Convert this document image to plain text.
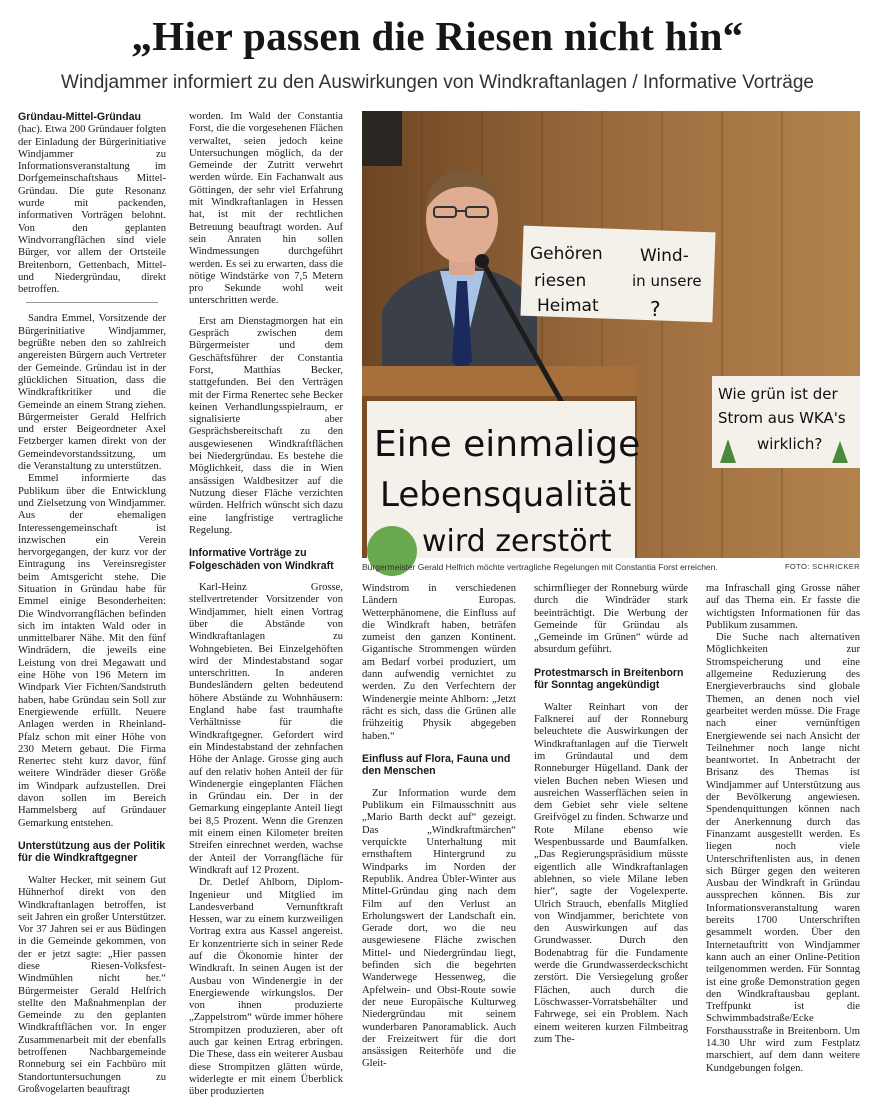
„Hier passen die Riesen nicht hin“
Windjammer informiert zu den Auswirkungen von Windkraftanlagen / Informative Vorträge

Gründau-Mittel-Gründau (hac). Etwa 200 Gründauer folgten der Einladung der Bürgerinitiative Windjammer zu Informationsveranstaltung im Dorfgemeinschaftshaus Mittel-Gründau. Die gute Resonanz wurde mit packenden, informativen Vorträgen belohnt. Von den geplanten Windvorrangflächen sind viele Bürger, vor allem der Ortsteile Breitenborn, Gettenbach, Mittel- und Niedergründau, direkt betroffen.

Sandra Emmel, Vorsitzende der Bürgerinitiative Windjammer, begrüßte neben den so zahlreich angereisten Bürgern auch Vertreter der Gemeinde. Gründau ist in der glücklichen Situation, dass die Windkraftkritiker und die Gemeinde an einem Strang ziehen. Bürgermeister Gerald Helfrich und erster Beigeordneter Axel Fetzberger kamen direkt von der Gemeindevorstandssitzung, um die Veranstaltung zu unterstützen.

Emmel informierte das Publikum über die Entwicklung und Zielsetzung von Windjammer. Aus der ehemaligen Interessengemeinschaft ist inzwischen ein Verein hervorgegangen, der kurz vor der Eintragung ins Vereinsregister beim Amtsgericht stehe. Die Situation in Gründau habe für Emmel einige Besonderheiten: Die Windvorrangflächen befinden sich im intakten Wald oder in unmittelbarer Nähe. Mit den fünf Windrädern, die jeweils eine Leistung von drei Megawatt und eine Höhe von 196 Metern im Windpark Vier Fichten/Sandstruth haben, habe Gründau sein Soll zur Energiewende erfüllt. Neuere Anlagen werden in Rheinland-Pfalz schon mit einer Höhe von 230 Metern gebaut. Die Firma Renertec steht kurz davor, fünf weitere Windräder dieser Größe im Windpark aufzustellen. Drei davon sollen im Bereich Hammelsberg auf Gründauer Gemarkung entstehen.

Unterstützung aus der Politik für die Windkraftgegner

Walter Hecker, mit seinem Gut Hühnerhof direkt von den Windkraftanlagen betroffen, ist seit Jahren ein großer Unterstützer. Vor 37 Jahren sei er aus Büdingen in die Gemeinde gekommen, von der er jetzt sagte: „Hier passen diese Riesen-Volksfest-Windmühlen nicht her.“ Bürgermeister Gerald Helfrich stellte den Maßnahmenplan der Gemeinde zu den geplanten Windkraftflächen vor. In enger Zusammenarbeit mit der ebenfalls betroffenen Nachbargemeinde Ronneburg sei ein Fachbüro mit Standortuntersuchungen zu Großvogelarten beauftragt

worden. Im Wald der Constantia Forst, die die vorgesehenen Flächen verwaltet, seien jedoch keine Untersuchungen möglich, da der Gemeinde der Zutritt verwehrt werden würde. Ein Fachanwalt aus Göttingen, der sehr viel Erfahrung mit Windkraftanlagen in Hessen hat, ist mit der rechtlichen Betreuung beauftragt worden. Auf sein Anraten hin sollen Windmessungen durchgeführt werden. Es sei zu erwarten, dass die nötige Windstärke von 7,5 Metern pro Sekunde wohl weit unterschritten werde.

Erst am Dienstagmorgen hat ein Gespräch zwischen dem Bürgermeister und dem Geschäftsführer der Constantia Forst, Matthias Becker, stattgefunden. Bei den Verträgen mit der Firma Renertec sehe Becker keinen Verhandlungsspielraum, er signalisierte aber Gesprächsbereitschaft zu den ausgewiesenen Windkraftflächen bei Niedergründau. Es bestehe die Möglichkeit, dass die in Wien ansässigen Waldbesitzer auf die Nutzung dieser Fläche verzichten würden. Helfrich wünscht sich dazu eine langfristige vertragliche Regelung.

Informative Vorträge zu Folgeschäden von Windkraft

Karl-Heinz Grosse, stellvertretender Vorsitzender von Windjammer, hielt einen Vortrag über die Abstände von Windkraftanlagen zu Wohngebieten. Bei Einzelgehöften wird der Mindestabstand sogar unterschritten. In anderen Bundesländern gelten bedeutend höhere Abstände zu Wohnhäusern: England habe fast traumhafte Verhältnisse für die Windkraftgegner. Gefordert wird ein Mindestabstand der zehnfachen Höhe der Anlage. Grosse ging auch auf den relativ hohen Anteil der für Windenergie eingeplanten Flächen in Gründau ein. Der in der Gemarkung eingeplante Anteil liegt bei 8,5 Prozent. Wenn die Grenzen mit einem einen Kilometer breiten Streifen einrechnet werden, wachse der Anteil der Vorrangfläche für Windkraft auf 12 Prozent.

Dr. Detlef Ahlborn, Diplom-Ingenieur und Mitglied im Landesverband Vernunftkraft Hessen, war zu einem kurzweiligen Vortrag extra aus Kassel angereist. Er konzentrierte sich in seiner Rede auf die Ökonomie hinter der Windkraft. In seinen Augen ist der Ausbau von Windenergie in der Energiewende wirkungslos. Der von ihnen produzierte „Zappelstrom“ würde immer höhere Strompitzen produzieren, aber oft auch gar keinen Ertrag erbringen. Die These, dass ein weiterer Ausbau diese Strompitzen glätten würde, widerlegte er mit einem Überblick über produzierten

Eine einmalige
Lebensqualität
wird zerstört
Gehören Wind-
riesen	in unsere
Heimat	?
Wie grün ist der
Strom aus WKA's
wirklich?
Bürgermeister Gerald Helfrich möchte vertragliche Regelungen mit Constantia Forst erreichen.	FOTO: SCHRICKER

Windstrom in verschiedenen Ländern Europas. Wetterphänomene, die Einfluss auf die Windkraft haben, beträfen zumeist den ganzen Kontinent. Gigantische Strommengen würden am Bedarf vorbei produziert, um dann aufwendig vernichtet zu werden. Zu den Verfechtern der Windenergie meinte Ahlborn: „Jetzt rächt es sich, dass die Grünen alle frühzeitig Physik abgegeben haben.“

Einfluss auf Flora, Fauna und den Menschen

Zur Information wurde dem Publikum ein Filmausschnitt aus „Mario Barth deckt auf“ gezeigt. Das „Windkraftmärchen“ verquickte Unterhaltung mit ernsthaftem Hintergrund zu Windparks im Norden der Republik. Andrea Übler-Winter aus Mittel-Gründau ging nach dem Film auf den Verlust an Erholungswert der Landschaft ein. Gerade dort, wo die neu ausgewiesene Fläche zwischen Mittel- und Niedergründau liegt, befinden sich die begehrten Wanderwege Hessenweg, die Apfelwein- und Obst-Route sowie der neue Europäische Kulturweg Niedergründau mit seinem wunderbaren Panoramablick. Auch der Freizeitwert für die dort ansässigen Reiterhöfe und die Gleit-

schirmflieger der Ronneburg würde durch die Windräder stark beeinträchtigt. Die Werbung der Gemeinde für Gründau als „Gemeinde im Grünen“ würde ad absurdum geführt.

Protestmarsch in Breitenborn für Sonntag angekündigt

Walter Reinhart von der Falknerei auf der Ronneburg beleuchtete die Auswirkungen der Windkraftanlagen auf die Tierwelt im Gründautal und dem Ronneburger Hügelland. Dank der vielen Buchen neben Wiesen und ausreichen Wasserflächen seien in dem Gebiet sehr viele seltene Greifvögel zu finden. Schwarze und Rote Milane ebenso wie Wespenbussarde und Baumfalken. „Das Regierungspräsidium müsste eigentlich alle Windkraftanlagen ablehnen, so viele Milane leben hier“, sagte der Vogelexperte. Ulrich Strauch, ebenfalls Mitglied von Windjammer, berichtete von den Auswirkungen auf das Grundwasser. Durch den Bodenabtrag für die Fundamente werde die Grundwasserdeckschicht zerstört. Die Versiegelung großer Flächen, auch durch die Löschwasser-Vorratsbehälter und Fahrwege, sei ein Problem. Nach einem weiteren kurzen Filmbeitrag zum The-

ma Infraschall ging Grosse näher auf das Thema ein. Er fasste die wichtigsten Informationen für das Publikum zusammen.

Die Suche nach alternativen Möglichkeiten zur Stromspeicherung und eine allgemeine Reduzierung des Energieverbrauchs sind globale Themen, an denen noch viel gearbeitet werden müsse. Die Frage nach einer vernünftigen Energiewende sei nach Ansicht der Teilnehmer noch lange nicht beantwortet. In Anbetracht der Brisanz des Themas ist Windjammer auf Unterstützung aus der Bevölkerung angewiesen. Spendenquittungen können nach der Anerkennung durch das Finanzamt ausgestellt werden. Es liegen noch viele Unterschriftenlisten aus, in denen sich Bürger gegen den weiteren Ausbau der Windkraft in Gründau aussprechen können. Bis zur Informationsveranstaltung waren bereits 1700 Unterschriften gesammelt worden. Über den Internetauftritt von Windjammer kann auch an einer Online-Petition teilgenommen werden. Für Sonntag ist eine große Demonstration gegen den Windkraftausbau geplant. Treffpunkt ist die Schwimmbadstraße/Ecke Forsthausstraße in Breitenborn. Um 14.30 Uhr wird zum Festplatz marschiert, auf dem dann weitere Kundgebungen folgen.
